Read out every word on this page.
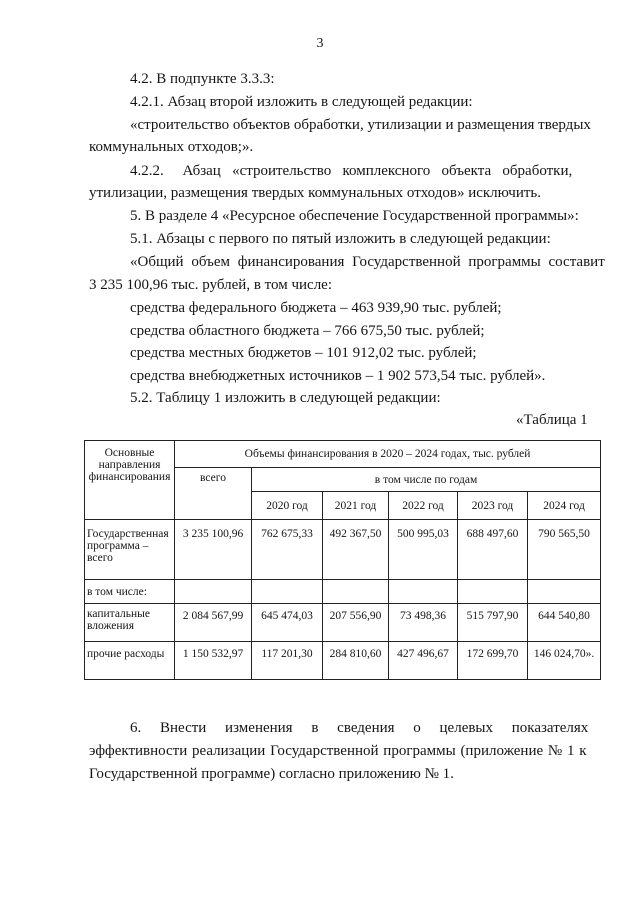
3
4.2. В подпункте 3.3.3:
4.2.1. Абзац второй изложить в следующей редакции:
«строительство объектов обработки, утилизации и размещения твердых
коммунальных отходов;».
4.2.2.     Абзац   «строительство   комплексного   объекта   обработки,
утилизации, размещения твердых коммунальных отходов» исключить.
5. В разделе 4 «Ресурсное обеспечение Государственной программы»:
5.1. Абзацы с первого по пятый изложить в следующей редакции:
«Общий объем финансирования Государственной программы составит
3 235 100,96 тыс. рублей, в том числе:
средства федерального бюджета – 463 939,90 тыс. рублей;
средства областного бюджета – 766 675,50 тыс. рублей;
средства местных бюджетов – 101 912,02 тыс. рублей;
средства внебюджетных источников – 1 902 573,54 тыс. рублей».
5.2. Таблицу 1 изложить в следующей редакции:
«Таблица 1
Основные направления финансирования	Объемы финансирования в 2020 – 2024 годах, тыс. рублей					
	всего	в том числе по годам				
		2020 год	2021 год	2022 год	2023 год	2024 год
Государственная программа – всего	3 235 100,96	762 675,33	492 367,50	500 995,03	688 497,60	790 565,50
в том числе:						
капитальные вложения	2 084 567,99	645 474,03	207 556,90	73 498,36	515 797,90	644 540,80
прочие расходы	1 150 532,97	117 201,30	284 810,60	427 496,67	172 699,70	146 024,70».
6.     Внести     изменения     в     сведения     о     целевых     показателях
эффективности реализации Государственной программы (приложение № 1 к
Государственной программе) согласно приложению № 1.
